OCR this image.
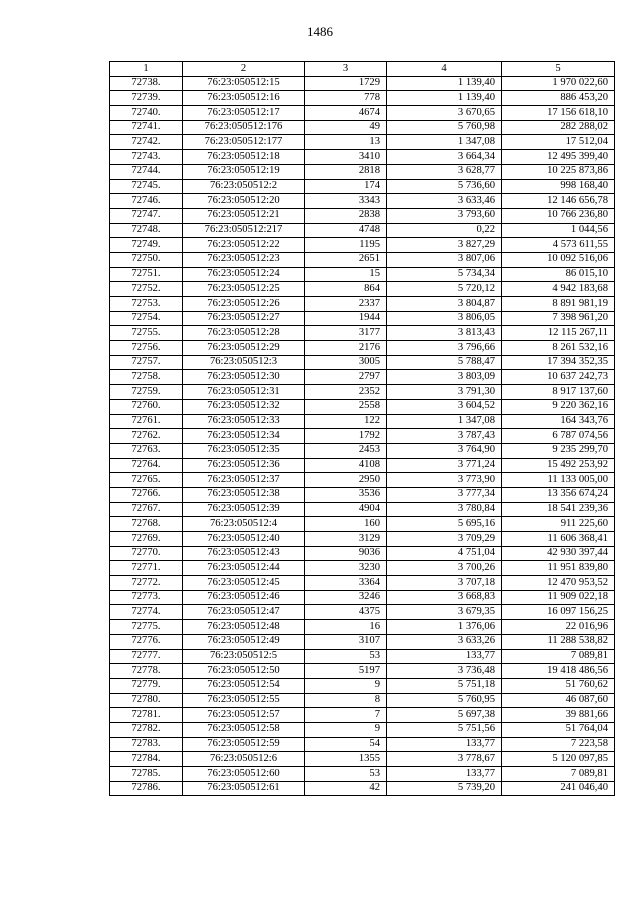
1486
1	2	3	4	5
72738.	76:23:050512:15	1729	1 139,40	1 970 022,60
72739.	76:23:050512:16	778	1 139,40	886 453,20
72740.	76:23:050512:17	4674	3 670,65	17 156 618,10
72741.	76:23:050512:176	49	5 760,98	282 288,02
72742.	76:23:050512:177	13	1 347,08	17 512,04
72743.	76:23:050512:18	3410	3 664,34	12 495 399,40
72744.	76:23:050512:19	2818	3 628,77	10 225 873,86
72745.	76:23:050512:2	174	5 736,60	998 168,40
72746.	76:23:050512:20	3343	3 633,46	12 146 656,78
72747.	76:23:050512:21	2838	3 793,60	10 766 236,80
72748.	76:23:050512:217	4748	0,22	1 044,56
72749.	76:23:050512:22	1195	3 827,29	4 573 611,55
72750.	76:23:050512:23	2651	3 807,06	10 092 516,06
72751.	76:23:050512:24	15	5 734,34	86 015,10
72752.	76:23:050512:25	864	5 720,12	4 942 183,68
72753.	76:23:050512:26	2337	3 804,87	8 891 981,19
72754.	76:23:050512:27	1944	3 806,05	7 398 961,20
72755.	76:23:050512:28	3177	3 813,43	12 115 267,11
72756.	76:23:050512:29	2176	3 796,66	8 261 532,16
72757.	76:23:050512:3	3005	5 788,47	17 394 352,35
72758.	76:23:050512:30	2797	3 803,09	10 637 242,73
72759.	76:23:050512:31	2352	3 791,30	8 917 137,60
72760.	76:23:050512:32	2558	3 604,52	9 220 362,16
72761.	76:23:050512:33	122	1 347,08	164 343,76
72762.	76:23:050512:34	1792	3 787,43	6 787 074,56
72763.	76:23:050512:35	2453	3 764,90	9 235 299,70
72764.	76:23:050512:36	4108	3 771,24	15 492 253,92
72765.	76:23:050512:37	2950	3 773,90	11 133 005,00
72766.	76:23:050512:38	3536	3 777,34	13 356 674,24
72767.	76:23:050512:39	4904	3 780,84	18 541 239,36
72768.	76:23:050512:4	160	5 695,16	911 225,60
72769.	76:23:050512:40	3129	3 709,29	11 606 368,41
72770.	76:23:050512:43	9036	4 751,04	42 930 397,44
72771.	76:23:050512:44	3230	3 700,26	11 951 839,80
72772.	76:23:050512:45	3364	3 707,18	12 470 953,52
72773.	76:23:050512:46	3246	3 668,83	11 909 022,18
72774.	76:23:050512:47	4375	3 679,35	16 097 156,25
72775.	76:23:050512:48	16	1 376,06	22 016,96
72776.	76:23:050512:49	3107	3 633,26	11 288 538,82
72777.	76:23:050512:5	53	133,77	7 089,81
72778.	76:23:050512:50	5197	3 736,48	19 418 486,56
72779.	76:23:050512:54	9	5 751,18	51 760,62
72780.	76:23:050512:55	8	5 760,95	46 087,60
72781.	76:23:050512:57	7	5 697,38	39 881,66
72782.	76:23:050512:58	9	5 751,56	51 764,04
72783.	76:23:050512:59	54	133,77	7 223,58
72784.	76:23:050512:6	1355	3 778,67	5 120 097,85
72785.	76:23:050512:60	53	133,77	7 089,81
72786.	76:23:050512:61	42	5 739,20	241 046,40
